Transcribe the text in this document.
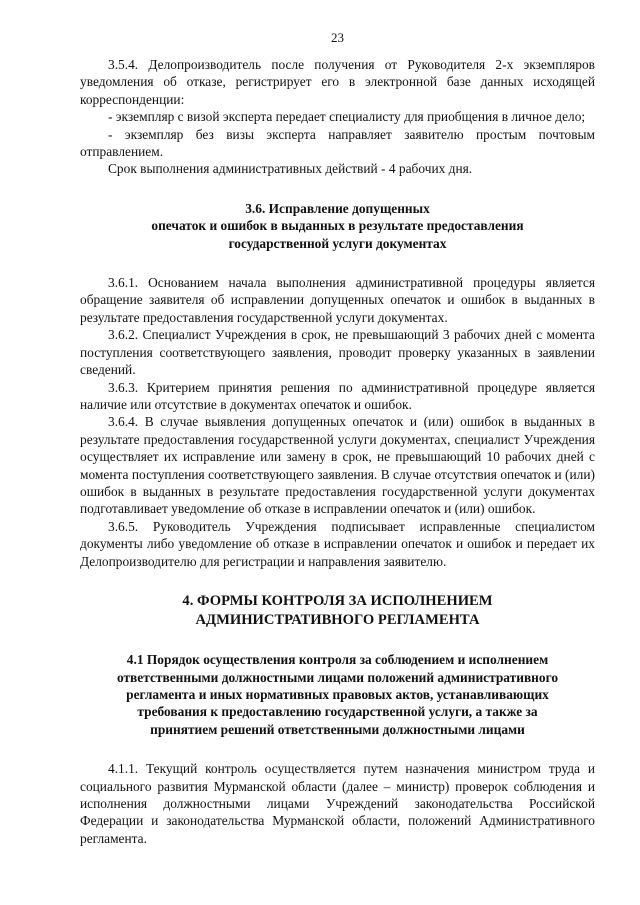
23

3.5.4. Делопроизводитель после получения от Руководителя 2-х экземпляров уведомления об отказе, регистрирует его в электронной базе данных исходящей корреспонденции:

- экземпляр с визой эксперта передает специалисту для приобщения в личное дело;

- экземпляр без визы эксперта направляет заявителю простым почтовым отправлением.

Срок выполнения административных действий - 4 рабочих дня.

3.6. Исправление допущенных
опечаток и ошибок в выданных в результате предоставления
государственной услуги документах

3.6.1. Основанием начала выполнения административной процедуры является обращение заявителя об исправлении допущенных опечаток и ошибок в выданных в результате предоставления государственной услуги документах.

3.6.2. Специалист Учреждения в срок, не превышающий 3 рабочих дней с момента поступления соответствующего заявления, проводит проверку указанных в заявлении сведений.

3.6.3. Критерием принятия решения по административной процедуре является наличие или отсутствие в документах опечаток и ошибок.

3.6.4. В случае выявления допущенных опечаток и (или) ошибок в выданных в результате предоставления государственной услуги документах, специалист Учреждения осуществляет их исправление или замену в срок, не превышающий 10 рабочих дней с момента поступления соответствующего заявления. В случае отсутствия опечаток и (или) ошибок в выданных в результате предоставления государственной услуги документах подготавливает уведомление об отказе в исправлении опечаток и (или) ошибок.

3.6.5. Руководитель Учреждения подписывает исправленные специалистом документы либо уведомление об отказе в исправлении опечаток и ошибок и передает их Делопроизводителю для регистрации и направления заявителю.

4. ФОРМЫ КОНТРОЛЯ ЗА ИСПОЛНЕНИЕМ
АДМИНИСТРАТИВНОГО РЕГЛАМЕНТА
4.1 Порядок осуществления контроля за соблюдением и исполнением
ответственными должностными лицами положений административного
регламента и иных нормативных правовых актов, устанавливающих
требования к предоставлению государственной услуги, а также за
принятием решений ответственными должностными лицами

4.1.1. Текущий контроль осуществляется путем назначения министром труда и социального развития Мурманской области (далее – министр) проверок соблюдения и исполнения должностными лицами Учреждений законодательства Российской Федерации и законодательства Мурманской области, положений Административного регламента.
